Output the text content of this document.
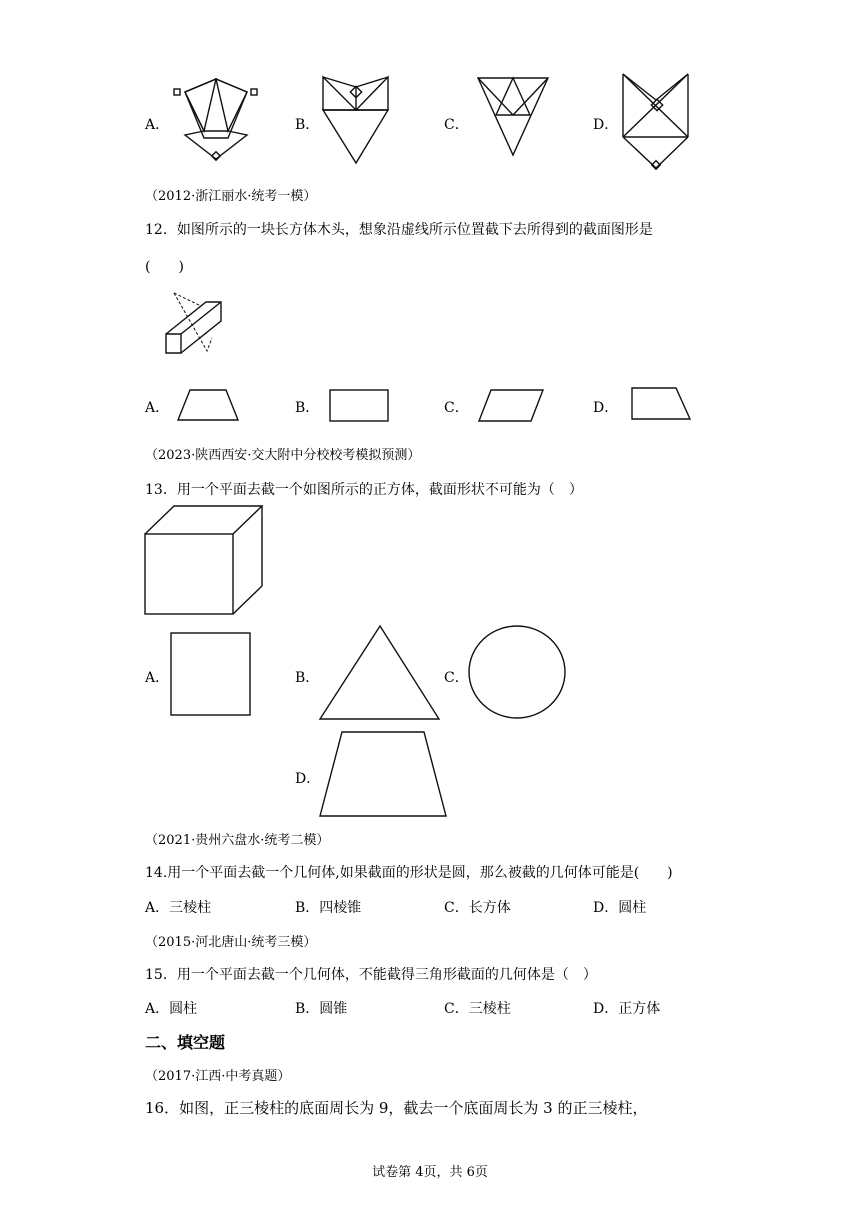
A．	B．	C．	D．
（2012·浙江丽水·统考一模）
12．如图所示的一块长方体木头，想象沿虚线所示位置截下去所得到的截面图形是
(　　)
A．	B．	C．	D．
（2023·陕西西安·交大附中分校校考模拟预测）
13．用一个平面去截一个如图所示的正方体，截面形状不可能为（　）
A．	B．	C．
D．
（2021·贵州六盘水·统考二模）
14.用一个平面去截一个几何体,如果截面的形状是圆，那么被截的几何体可能是(　　)
A．三棱柱	B．四棱锥	C．长方体	D．圆柱
（2015·河北唐山·统考三模）
15．用一个平面去截一个几何体，不能截得三角形截面的几何体是（　）
A．圆柱	B．圆锥	C．三棱柱	D．正方体
二、填空题
（2017·江西·中考真题）
16．如图，正三棱柱的底面周长为 9，截去一个底面周长为 3 的正三棱柱，
试卷第 4页，共 6页
